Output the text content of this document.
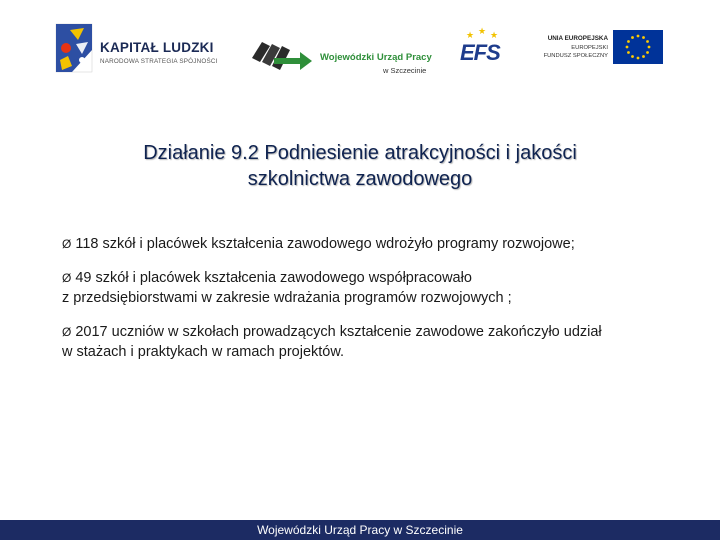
KAPITAŁ LUDZKI
NARODOWA STRATEGIA SPÓJNOŚCI	Wojewódzki Urząd Pracy
w Szczecinie
★ ★ ★
EFS
UNIA EUROPEJSKA
EUROPEJSKI
FUNDUSZ SPOŁECZNY
Działanie 9.2 Podniesienie atrakcyjności i jakości
szkolnictwa zawodowego
Ø 118 szkół i placówek kształcenia zawodowego wdrożyło programy rozwojowe;
Ø 49 szkół i placówek kształcenia zawodowego współpracowało
z przedsiębiorstwami w zakresie wdrażania programów rozwojowych ;
Ø 2017 uczniów w szkołach prowadzących kształcenie zawodowe zakończyło udział
w stażach i praktykach w ramach projektów.
Wojewódzki Urząd Pracy w Szczecinie
